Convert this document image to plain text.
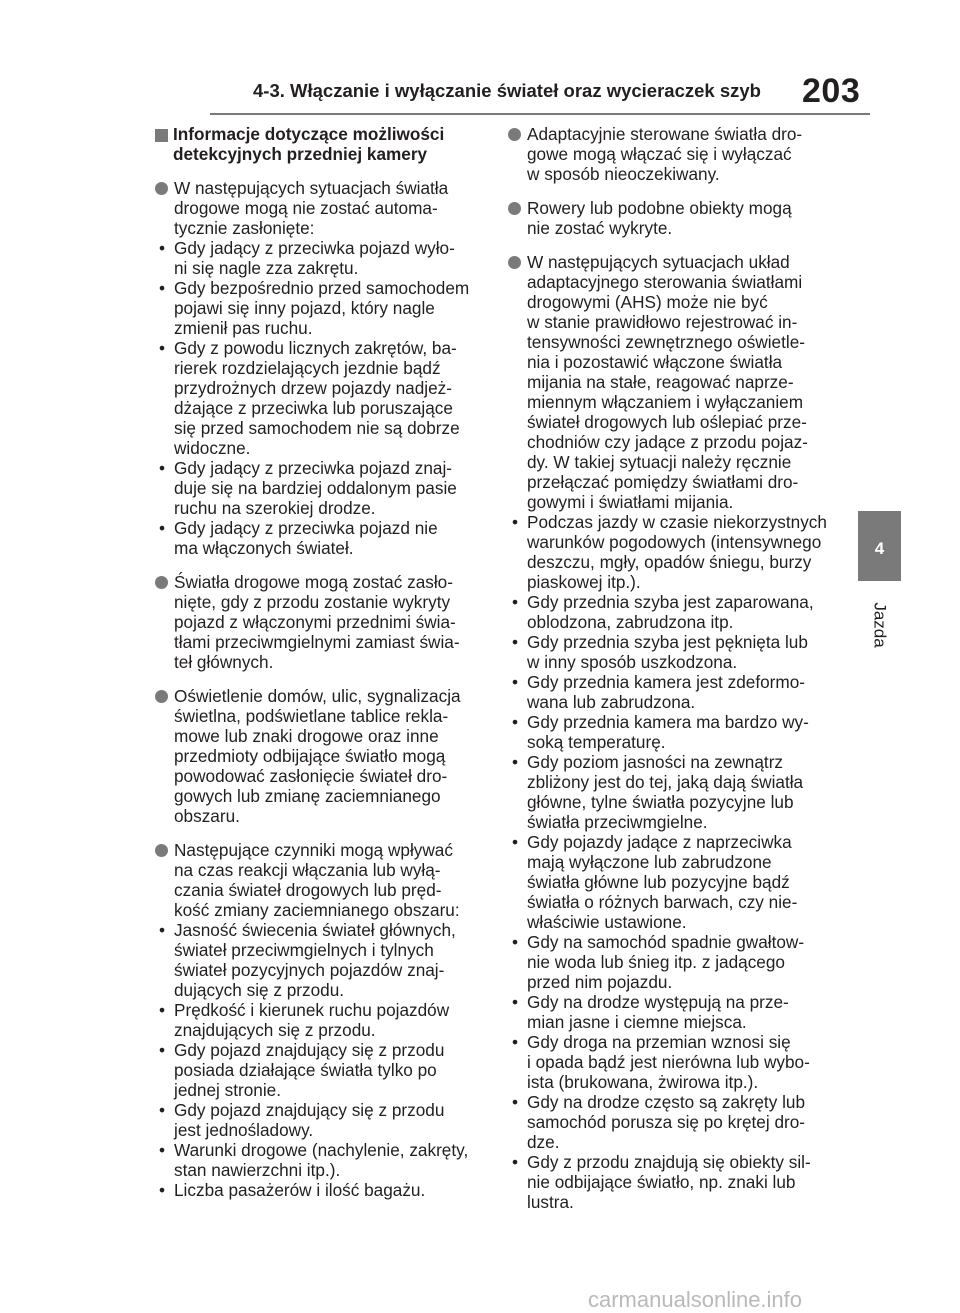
4-3. Włączanie i wyłączanie świateł oraz wycieraczek szyb 203
Informacje dotyczące możliwości
detekcyjnych przedniej kamery
W następujących sytuacjach światła
drogowe mogą nie zostać automa-
tycznie zasłonięte:
• Gdy jadący z przeciwka pojazd wyło-
ni się nagle zza zakrętu.
• Gdy bezpośrednio przed samochodem
pojawi się inny pojazd, który nagle
zmienił pas ruchu.
• Gdy z powodu licznych zakrętów, ba-
rierek rozdzielających jezdnie bądź
przydrożnych drzew pojazdy nadjeż-
dżające z przeciwka lub poruszające
się przed samochodem nie są dobrze
widoczne.
• Gdy jadący z przeciwka pojazd znaj-
duje się na bardziej oddalonym pasie
ruchu na szerokiej drodze.
• Gdy jadący z przeciwka pojazd nie
ma włączonych świateł.
Światła drogowe mogą zostać zasło-
nięte, gdy z przodu zostanie wykryty
pojazd z włączonymi przednimi świa-
tłami przeciwmgielnymi zamiast świa-
teł głównych.
Oświetlenie domów, ulic, sygnalizacja
świetlna, podświetlane tablice rekla-
mowe lub znaki drogowe oraz inne
przedmioty odbijające światło mogą
powodować zasłonięcie świateł dro-
gowych lub zmianę zaciemnianego
obszaru.
Następujące czynniki mogą wpływać
na czas reakcji włączania lub wyłą-
czania świateł drogowych lub pręd-
kość zmiany zaciemnianego obszaru:
• Jasność świecenia świateł głównych,
świateł przeciwmgielnych i tylnych
świateł pozycyjnych pojazdów znaj-
dujących się z przodu.
• Prędkość i kierunek ruchu pojazdów
znajdujących się z przodu.
• Gdy pojazd znajdujący się z przodu
posiada działające światła tylko po
jednej stronie.
• Gdy pojazd znajdujący się z przodu
jest jednośladowy.
• Warunki drogowe (nachylenie, zakręty,
stan nawierzchni itp.).
• Liczba pasażerów i ilość bagażu.
Adaptacyjnie sterowane światła dro-
gowe mogą włączać się i wyłączać
w sposób nieoczekiwany.
Rowery lub podobne obiekty mogą
nie zostać wykryte.
W następujących sytuacjach układ
adaptacyjnego sterowania światłami
drogowymi (AHS) może nie być
w stanie prawidłowo rejestrować in-
tensywności zewnętrznego oświetle-
nia i pozostawić włączone światła
mijania na stałe, reagować naprze-
miennym włączaniem i wyłączaniem
świateł drogowych lub oślepiać prze-
chodniów czy jadące z przodu pojaz-
dy. W takiej sytuacji należy ręcznie
przełączać pomiędzy światłami dro-
gowymi i światłami mijania.
• Podczas jazdy w czasie niekorzystnych
warunków pogodowych (intensywnego
deszczu, mgły, opadów śniegu, burzy
piaskowej itp.).
• Gdy przednia szyba jest zaparowana,
oblodzona, zabrudzona itp.
• Gdy przednia szyba jest pęknięta lub
w inny sposób uszkodzona.
• Gdy przednia kamera jest zdeformo-
wana lub zabrudzona.
• Gdy przednia kamera ma bardzo wy-
soką temperaturę.
• Gdy poziom jasności na zewnątrz
zbliżony jest do tej, jaką dają światła
główne, tylne światła pozycyjne lub
światła przeciwmgielne.
• Gdy pojazdy jadące z naprzeciwka
mają wyłączone lub zabrudzone
światła główne lub pozycyjne bądź
światła o różnych barwach, czy nie-
właściwie ustawione.
• Gdy na samochód spadnie gwałtow-
nie woda lub śnieg itp. z jadącego
przed nim pojazdu.
• Gdy na drodze występują na prze-
mian jasne i ciemne miejsca.
• Gdy droga na przemian wznosi się
i opada bądź jest nierówna lub wybo-
ista (brukowana, żwirowa itp.).
• Gdy na drodze często są zakręty lub
samochód porusza się po krętej dro-
dze.
• Gdy z przodu znajdują się obiekty sil-
nie odbijające światło, np. znaki lub
lustra.
4
Jazda
carmanualsonline.info
